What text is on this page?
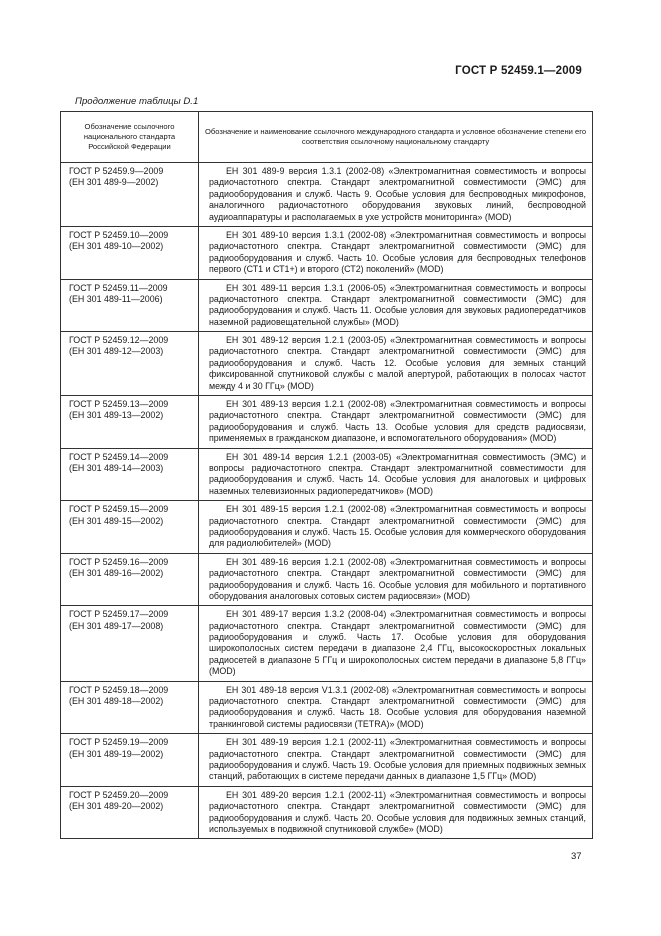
ГОСТ Р 52459.1—2009
Продолжение таблицы D.1
Обозначение ссылочного национального стандарта Российской Федерации	Обозначение и наименование ссылочного международного стандарта и условное обозначение степени его соответствия ссылочному национальному стандарту

ГОСТ Р 52459.9—2009
(ЕН 301 489-9—2002)	ЕН 301 489-9 версия 1.3.1 (2002-08) «Электромагнитная совместимость и вопросы радиочастотного спектра. Стандарт электромагнитной совместимости (ЭМС) для радиооборудования и служб. Часть 9. Особые условия для беспроводных микрофонов, аналогичного радиочастотного оборудования звуковых линий, беспроводной аудиоаппаратуры и располагаемых в ухе устройств мониторинга» (MOD)

ГОСТ Р 52459.10—2009
(ЕН 301 489-10—2002)	ЕН 301 489-10 версия 1.3.1 (2002-08) «Электромагнитная совместимость и вопросы радиочастотного спектра. Стандарт электромагнитной совместимости (ЭМС) для радиооборудования и служб. Часть 10. Особые условия для беспроводных телефонов первого (СТ1 и СТ1+) и второго (СТ2) поколений» (MOD)

ГОСТ Р 52459.11—2009
(ЕН 301 489-11—2006)	ЕН 301 489-11 версия 1.3.1 (2006-05) «Электромагнитная совместимость и вопросы радиочастотного спектра. Стандарт электромагнитной совместимости (ЭМС) для радиооборудования и служб. Часть 11. Особые условия для звуковых радиопередатчиков наземной радиовещательной службы» (MOD)

ГОСТ Р 52459.12—2009
(ЕН 301 489-12—2003)	ЕН 301 489-12 версия 1.2.1 (2003-05) «Электромагнитная совместимость и вопросы радиочастотного спектра. Стандарт электромагнитной совместимости (ЭМС) для радиооборудования и служб. Часть 12. Особые условия для земных станций фиксированной спутниковой службы с малой апертурой, работающих в полосах частот между 4 и 30 ГГц» (MOD)

ГОСТ Р 52459.13—2009
(ЕН 301 489-13—2002)	ЕН 301 489-13 версия 1.2.1 (2002-08) «Электромагнитная совместимость и вопросы радиочастотного спектра. Стандарт электромагнитной совместимости (ЭМС) для радиооборудования и служб. Часть 13. Особые условия для средств радиосвязи, применяемых в гражданском диапазоне, и вспомогательного оборудования» (MOD)

ГОСТ Р 52459.14—2009
(ЕН 301 489-14—2003)	ЕН 301 489-14 версия 1.2.1 (2003-05) «Электромагнитная совместимость (ЭМС) и вопросы радиочастотного спектра. Стандарт электромагнитной совместимости для радиооборудования и служб. Часть 14. Особые условия для аналоговых и цифровых наземных телевизионных радиопередатчиков» (MOD)

ГОСТ Р 52459.15—2009
(ЕН 301 489-15—2002)	ЕН 301 489-15 версия 1.2.1 (2002-08) «Электромагнитная совместимость и вопросы радиочастотного спектра. Стандарт электромагнитной совместимости (ЭМС) для радиооборудования и служб. Часть 15. Особые условия для коммерческого оборудования для радиолюбителей» (MOD)

ГОСТ Р 52459.16—2009
(ЕН 301 489-16—2002)	ЕН 301 489-16 версия 1.2.1 (2002-08) «Электромагнитная совместимость и вопросы радиочастотного спектра. Стандарт электромагнитной совместимости (ЭМС) для радиооборудования и служб. Часть 16. Особые условия для мобильного и портативного оборудования аналоговых сотовых систем радиосвязи» (MOD)

ГОСТ Р 52459.17—2009
(ЕН 301 489-17—2008)	ЕН 301 489-17 версия 1.3.2 (2008-04) «Электромагнитная совместимость и вопросы радиочастотного спектра. Стандарт электромагнитной совместимости (ЭМС) для радиооборудования и служб. Часть 17. Особые условия для оборудования широкополосных систем передачи в диапазоне 2,4 ГГц, высокоскоростных локальных радиосетей в диапазоне 5 ГГц и широкополосных систем передачи в диапазоне 5,8 ГГц» (MOD)

ГОСТ Р 52459.18—2009
(ЕН 301 489-18—2002)	ЕН 301 489-18 версия V1.3.1 (2002-08) «Электромагнитная совместимость и вопросы радиочастотного спектра. Стандарт электромагнитной совместимости (ЭМС) для радиооборудования и служб. Часть 18. Особые условия для оборудования наземной транкинговой системы радиосвязи (TETRA)» (MOD)

ГОСТ Р 52459.19—2009
(ЕН 301 489-19—2002)	ЕН 301 489-19 версия 1.2.1 (2002-11) «Электромагнитная совместимость и вопросы радиочастотного спектра. Стандарт электромагнитной совместимости (ЭМС) для радиооборудования и служб. Часть 19. Особые условия для приемных подвижных земных станций, работающих в системе передачи данных в диапазоне 1,5 ГГц» (MOD)

ГОСТ Р 52459.20—2009
(ЕН 301 489-20—2002)	ЕН 301 489-20 версия 1.2.1 (2002-11) «Электромагнитная совместимость и вопросы радиочастотного спектра. Стандарт электромагнитной совместимости (ЭМС) для радиооборудования и служб. Часть 20. Особые условия для подвижных земных станций, используемых в подвижной спутниковой службе» (MOD)
37
